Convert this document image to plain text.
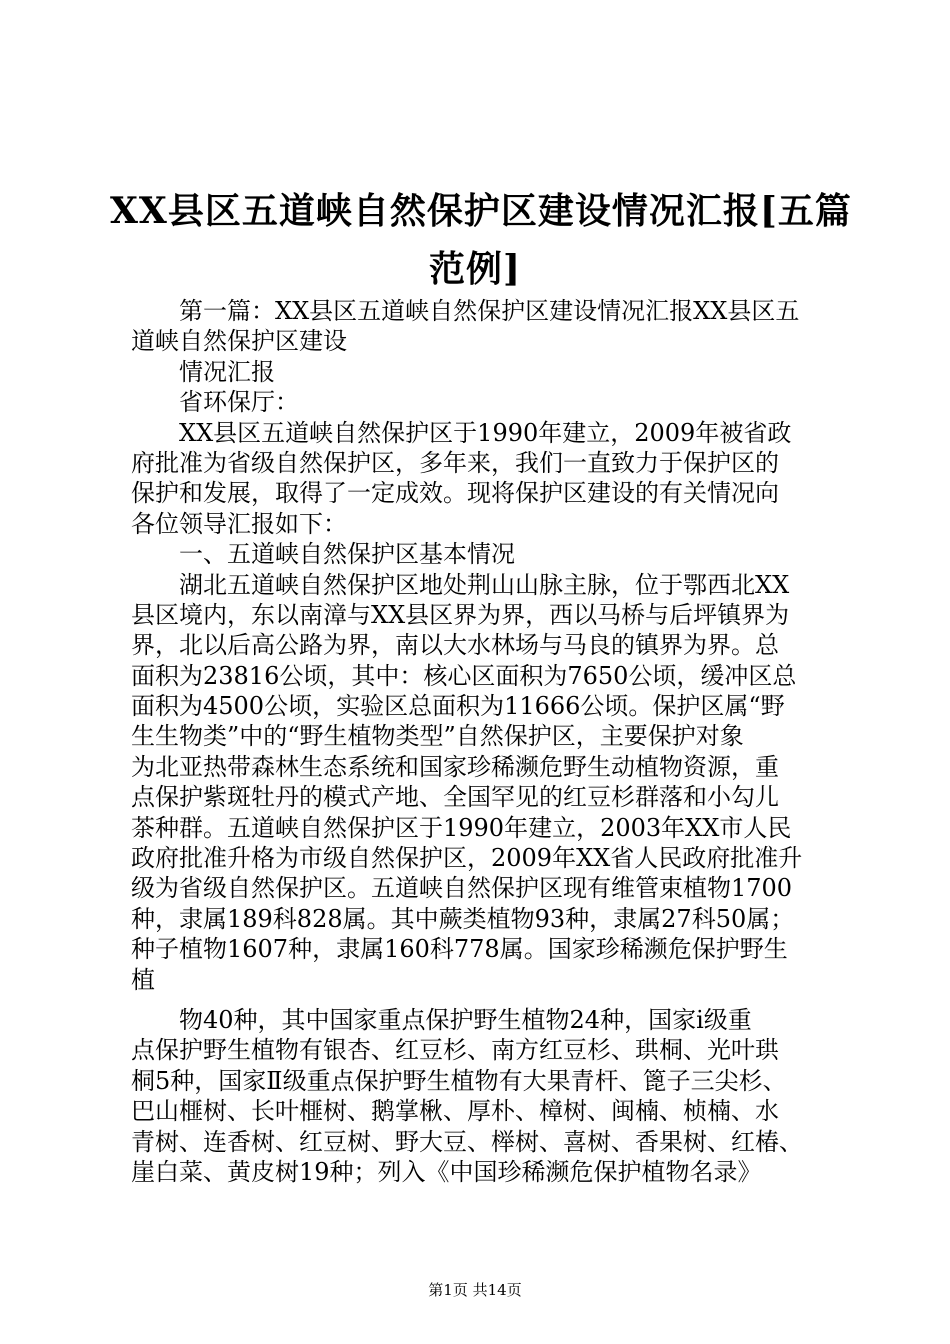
XX县区五道峡自然保护区建设情况汇报[五篇
范例]
第一篇：XX县区五道峡自然保护区建设情况汇报XX县区五
道峡自然保护区建设
情况汇报
省环保厅：
XX县区五道峡自然保护区于1990年建立，2009年被省政
府批准为省级自然保护区，多年来，我们一直致力于保护区的
保护和发展，取得了一定成效。现将保护区建设的有关情况向
各位领导汇报如下：
一、五道峡自然保护区基本情况
湖北五道峡自然保护区地处荆山山脉主脉，位于鄂西北XX
县区境内，东以南漳与XX县区界为界，西以马桥与后坪镇界为
界，北以后高公路为界，南以大水林场与马良的镇界为界。总
面积为23816公顷，其中：核心区面积为7650公顷，缓冲区总
面积为4500公顷，实验区总面积为11666公顷。保护区属“野
生生物类”中的“野生植物类型”自然保护区，主要保护对象
为北亚热带森林生态系统和国家珍稀濒危野生动植物资源，重
点保护紫斑牡丹的模式产地、全国罕见的红豆杉群落和小勾儿
茶种群。五道峡自然保护区于1990年建立，2003年XX市人民
政府批准升格为市级自然保护区，2009年XX省人民政府批准升
级为省级自然保护区。五道峡自然保护区现有维管束植物1700
种，隶属189科828属。其中蕨类植物93种，隶属27科50属；
种子植物1607种，隶属160科778属。国家珍稀濒危保护野生
植
物40种，其中国家重点保护野生植物24种，国家ⅰ级重
点保护野生植物有银杏、红豆杉、南方红豆杉、珙桐、光叶珙
桐5种，国家Ⅱ级重点保护野生植物有大果青杆、篦子三尖杉、
巴山榧树、长叶榧树、鹅掌楸、厚朴、樟树、闽楠、桢楠、水
青树、连香树、红豆树、野大豆、榉树、喜树、香果树、红椿、
崖白菜、黄皮树19种；列入《中国珍稀濒危保护植物名录》
第1页 共14页
